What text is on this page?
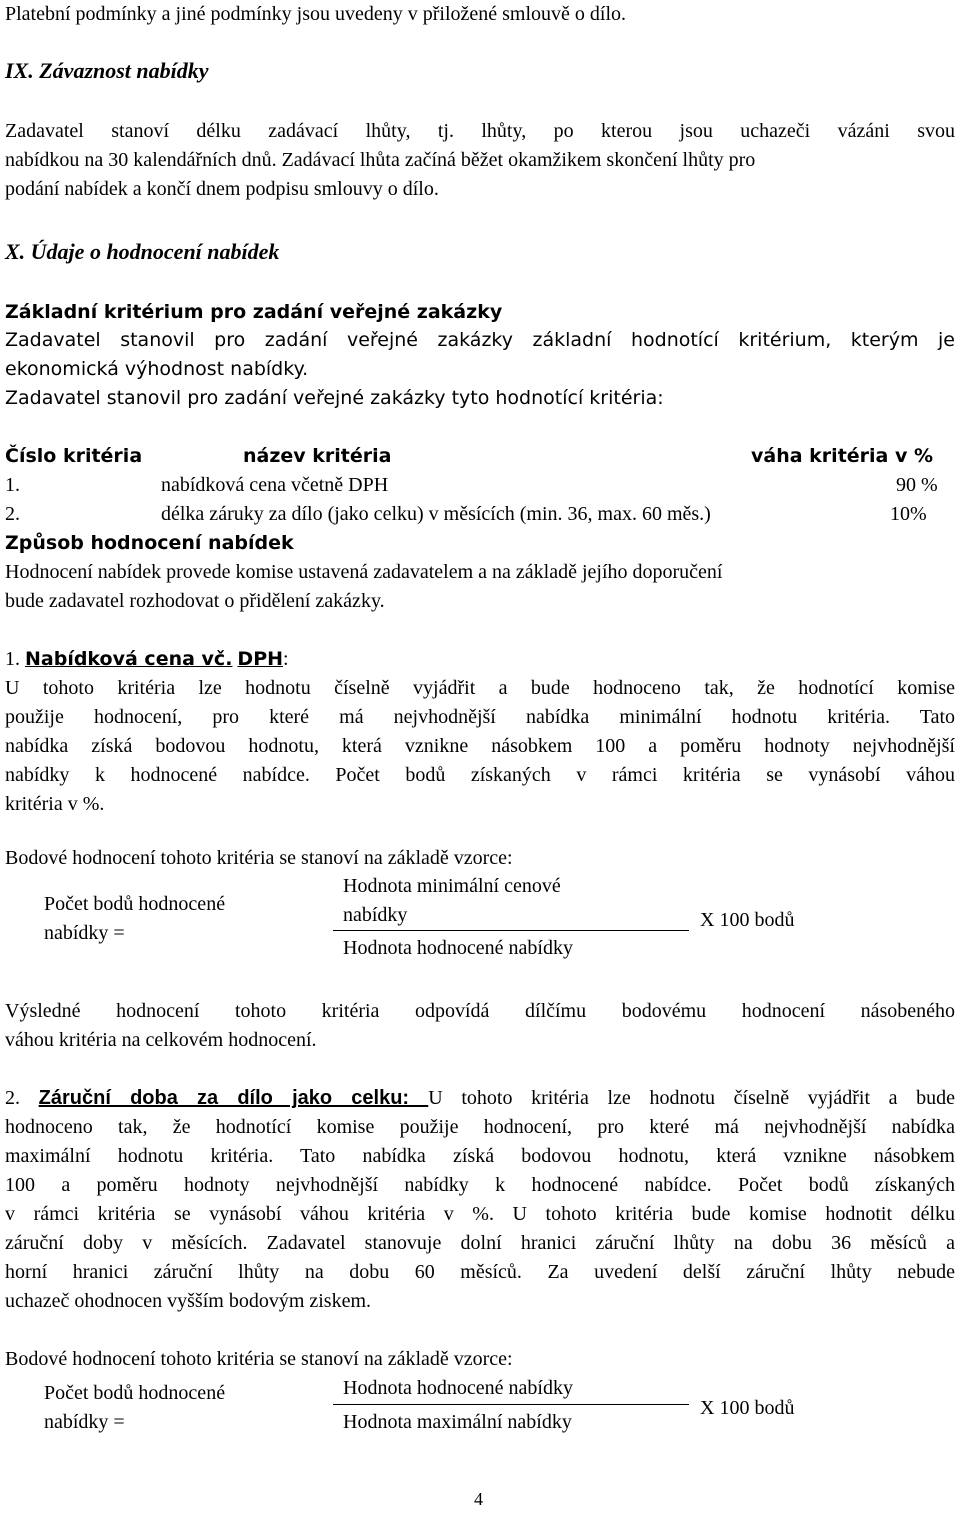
Platební podmínky a jiné podmínky jsou uvedeny v přiložené smlouvě o dílo.
IX. Závaznost nabídky
Zadavatel stanoví délku zadávací lhůty, tj. lhůty, po kterou jsou uchazeči vázáni svou
nabídkou na 30 kalendářních dnů. Zadávací lhůta začíná běžet okamžikem skončení lhůty pro
podání nabídek a končí dnem podpisu smlouvy o dílo.
X. Údaje o hodnocení nabídek
Základní kritérium pro zadání veřejné zakázky
Zadavatel stanovil pro zadání veřejné zakázky základní hodnotící kritérium, kterým je
ekonomická výhodnost nabídky.
Zadavatel stanovil pro zadání veřejné zakázky tyto hodnotící kritéria:
Číslo kritéria	název kritéria	váha kritéria v %
1.	nabídková cena včetně DPH	90 %
2.	délka záruky za dílo (jako celku) v měsících (min. 36, max. 60 měs.)	10%
Způsob hodnocení nabídek
Hodnocení nabídek provede komise ustavená zadavatelem a na základě jejího doporučení
bude zadavatel rozhodovat o přidělení zakázky.
1. Nabídková cena vč. DPH:
U tohoto kritéria lze hodnotu číselně vyjádřit a bude hodnoceno tak, že hodnotící komise
použije hodnocení, pro které má nejvhodnější nabídka minimální hodnotu kritéria. Tato
nabídka získá bodovou hodnotu, která vznikne násobkem 100 a poměru hodnoty nejvhodnější
nabídky k hodnocené nabídce. Počet bodů získaných v rámci kritéria se vynásobí váhou
kritéria v %.
Bodové hodnocení tohoto kritéria se stanoví na základě vzorce:
Počet bodů hodnocené
nabídky =
Hodnota minimální cenové
nabídky
Hodnota hodnocené nabídky
X 100 bodů
Výsledné hodnocení tohoto kritéria odpovídá dílčímu bodovému hodnocení násobeného
váhou kritéria na celkovém hodnocení.
2. Záruční doba za dílo jako celku: U tohoto kritéria lze hodnotu číselně vyjádřit a bude
hodnoceno tak, že hodnotící komise použije hodnocení, pro které má nejvhodnější nabídka
maximální hodnotu kritéria. Tato nabídka získá bodovou hodnotu, která vznikne násobkem
100 a poměru hodnoty nejvhodnější nabídky k hodnocené nabídce. Počet bodů získaných
v rámci kritéria se vynásobí váhou kritéria v %. U tohoto kritéria bude komise hodnotit délku
záruční doby v měsících. Zadavatel stanovuje dolní hranici záruční lhůty na dobu 36 měsíců a
horní hranici záruční lhůty na dobu 60 měsíců. Za uvedení delší záruční lhůty nebude
uchazeč ohodnocen vyšším bodovým ziskem.
Bodové hodnocení tohoto kritéria se stanoví na základě vzorce:
Počet bodů hodnocené
nabídky =
Hodnota hodnocené nabídky
Hodnota maximální nabídky
X 100 bodů
4
